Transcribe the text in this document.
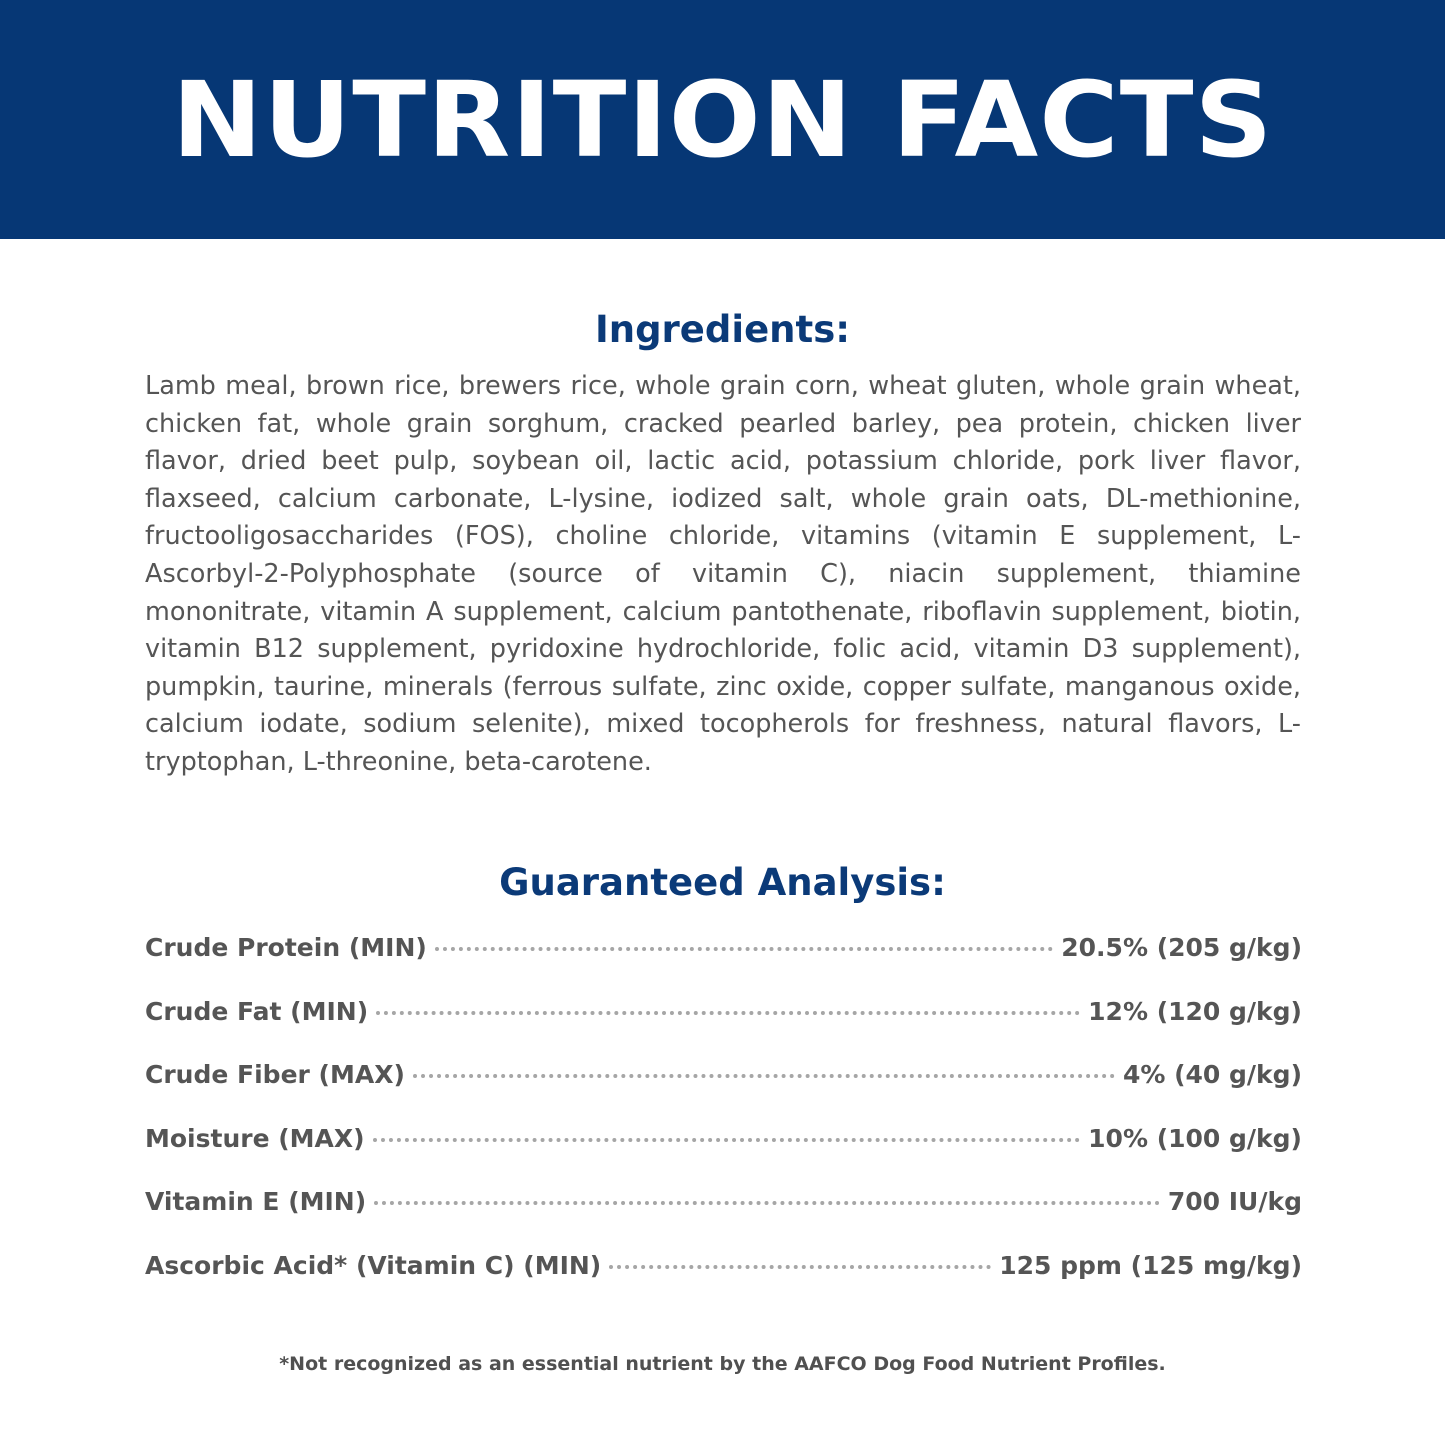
NUTRITION FACTS
Ingredients:

Lamb meal, brown rice, brewers rice, whole grain corn, wheat gluten, whole grain wheat, chicken fat, whole grain sorghum, cracked pearled barley, pea protein, chicken liver flavor, dried beet pulp, soybean oil, lactic acid, potassium chloride, pork liver flavor, flaxseed, calcium carbonate, L-lysine, iodized salt, whole grain oats, DL-methionine, fructooligosaccharides (FOS), choline chloride, vitamins (vitamin E supplement, L-Ascorbyl-2-Polyphosphate (source of vitamin C), niacin supplement, thiamine mononitrate, vitamin A supplement, calcium pantothenate, riboflavin supplement, biotin, vitamin B12 supplement, pyridoxine hydrochloride, folic acid, vitamin D3 supplement), pumpkin, taurine, minerals (ferrous sulfate, zinc oxide, copper sulfate, manganous oxide, calcium iodate, sodium selenite), mixed tocopherols for freshness, natural flavors, L-tryptophan, L-threonine, beta-carotene.

Guaranteed Analysis:
Crude Protein (MIN)	20.5% (205 g/kg)
Crude Fat (MIN)	12% (120 g/kg)
Crude Fiber (MAX)	4% (40 g/kg)
Moisture (MAX)	10% (100 g/kg)
Vitamin E (MIN)	700 IU/kg
Ascorbic Acid* (Vitamin C) (MIN)	125 ppm (125 mg/kg)

*Not recognized as an essential nutrient by the AAFCO Dog Food Nutrient Profiles.
